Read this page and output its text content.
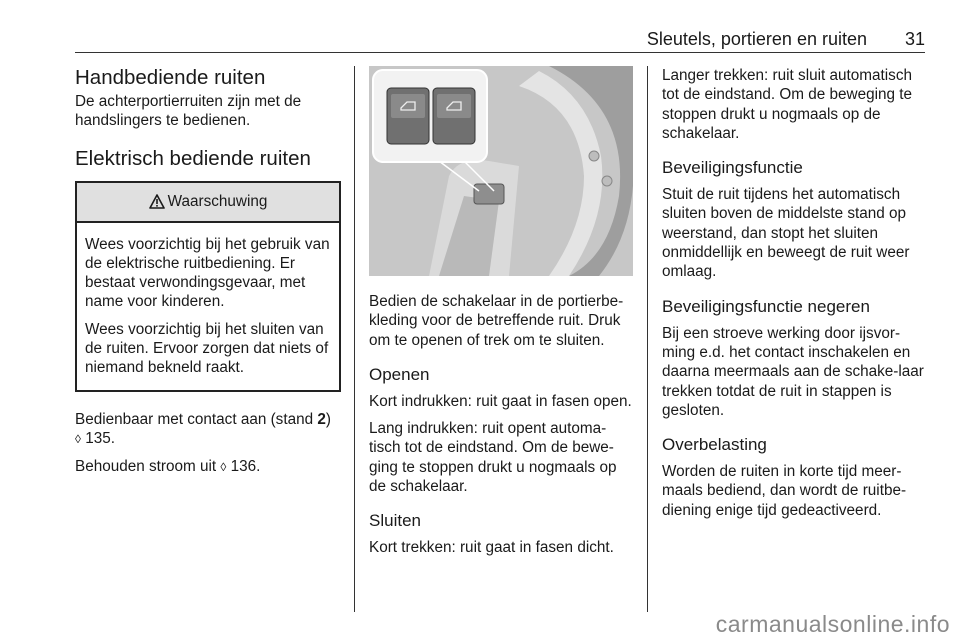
Sleutels, portieren en ruiten 31
Handbediende ruiten

De achterportierruiten zijn met de handslingers te bedienen.

Elektrisch bediende ruiten
Waarschuwing

Wees voorzichtig bij het gebruik van de elektrische ruitbediening. Er bestaat verwondingsgevaar, met name voor kinderen.

Wees voorzichtig bij het sluiten van de ruiten. Ervoor zorgen dat niets of niemand bekneld raakt.

Bedienbaar met contact aan (stand 2)
◊ 135.

Behouden stroom uit ◊ 136.

Bedien de schakelaar in de portierbe-kleding voor de betreffende ruit. Druk om te openen of trek om te sluiten.

Openen

Kort indrukken: ruit gaat in fasen open.

Lang indrukken: ruit opent automa-tisch tot de eindstand. Om de bewe-ging te stoppen drukt u nogmaals op de schakelaar.

Sluiten

Kort trekken: ruit gaat in fasen dicht.

Langer trekken: ruit sluit automatisch tot de eindstand. Om de beweging te stoppen drukt u nogmaals op de schakelaar.

Beveiligingsfunctie

Stuit de ruit tijdens het automatisch sluiten boven de middelste stand op weerstand, dan stopt het sluiten onmiddellijk en beweegt de ruit weer omlaag.

Beveiligingsfunctie negeren

Bij een stroeve werking door ijsvor-ming e.d. het contact inschakelen en daarna meermaals aan de schake-laar trekken totdat de ruit in stappen is gesloten.

Overbelasting

Worden de ruiten in korte tijd meer-maals bediend, dan wordt de ruitbe-diening enige tijd gedeactiveerd.

carmanualsonline.info
